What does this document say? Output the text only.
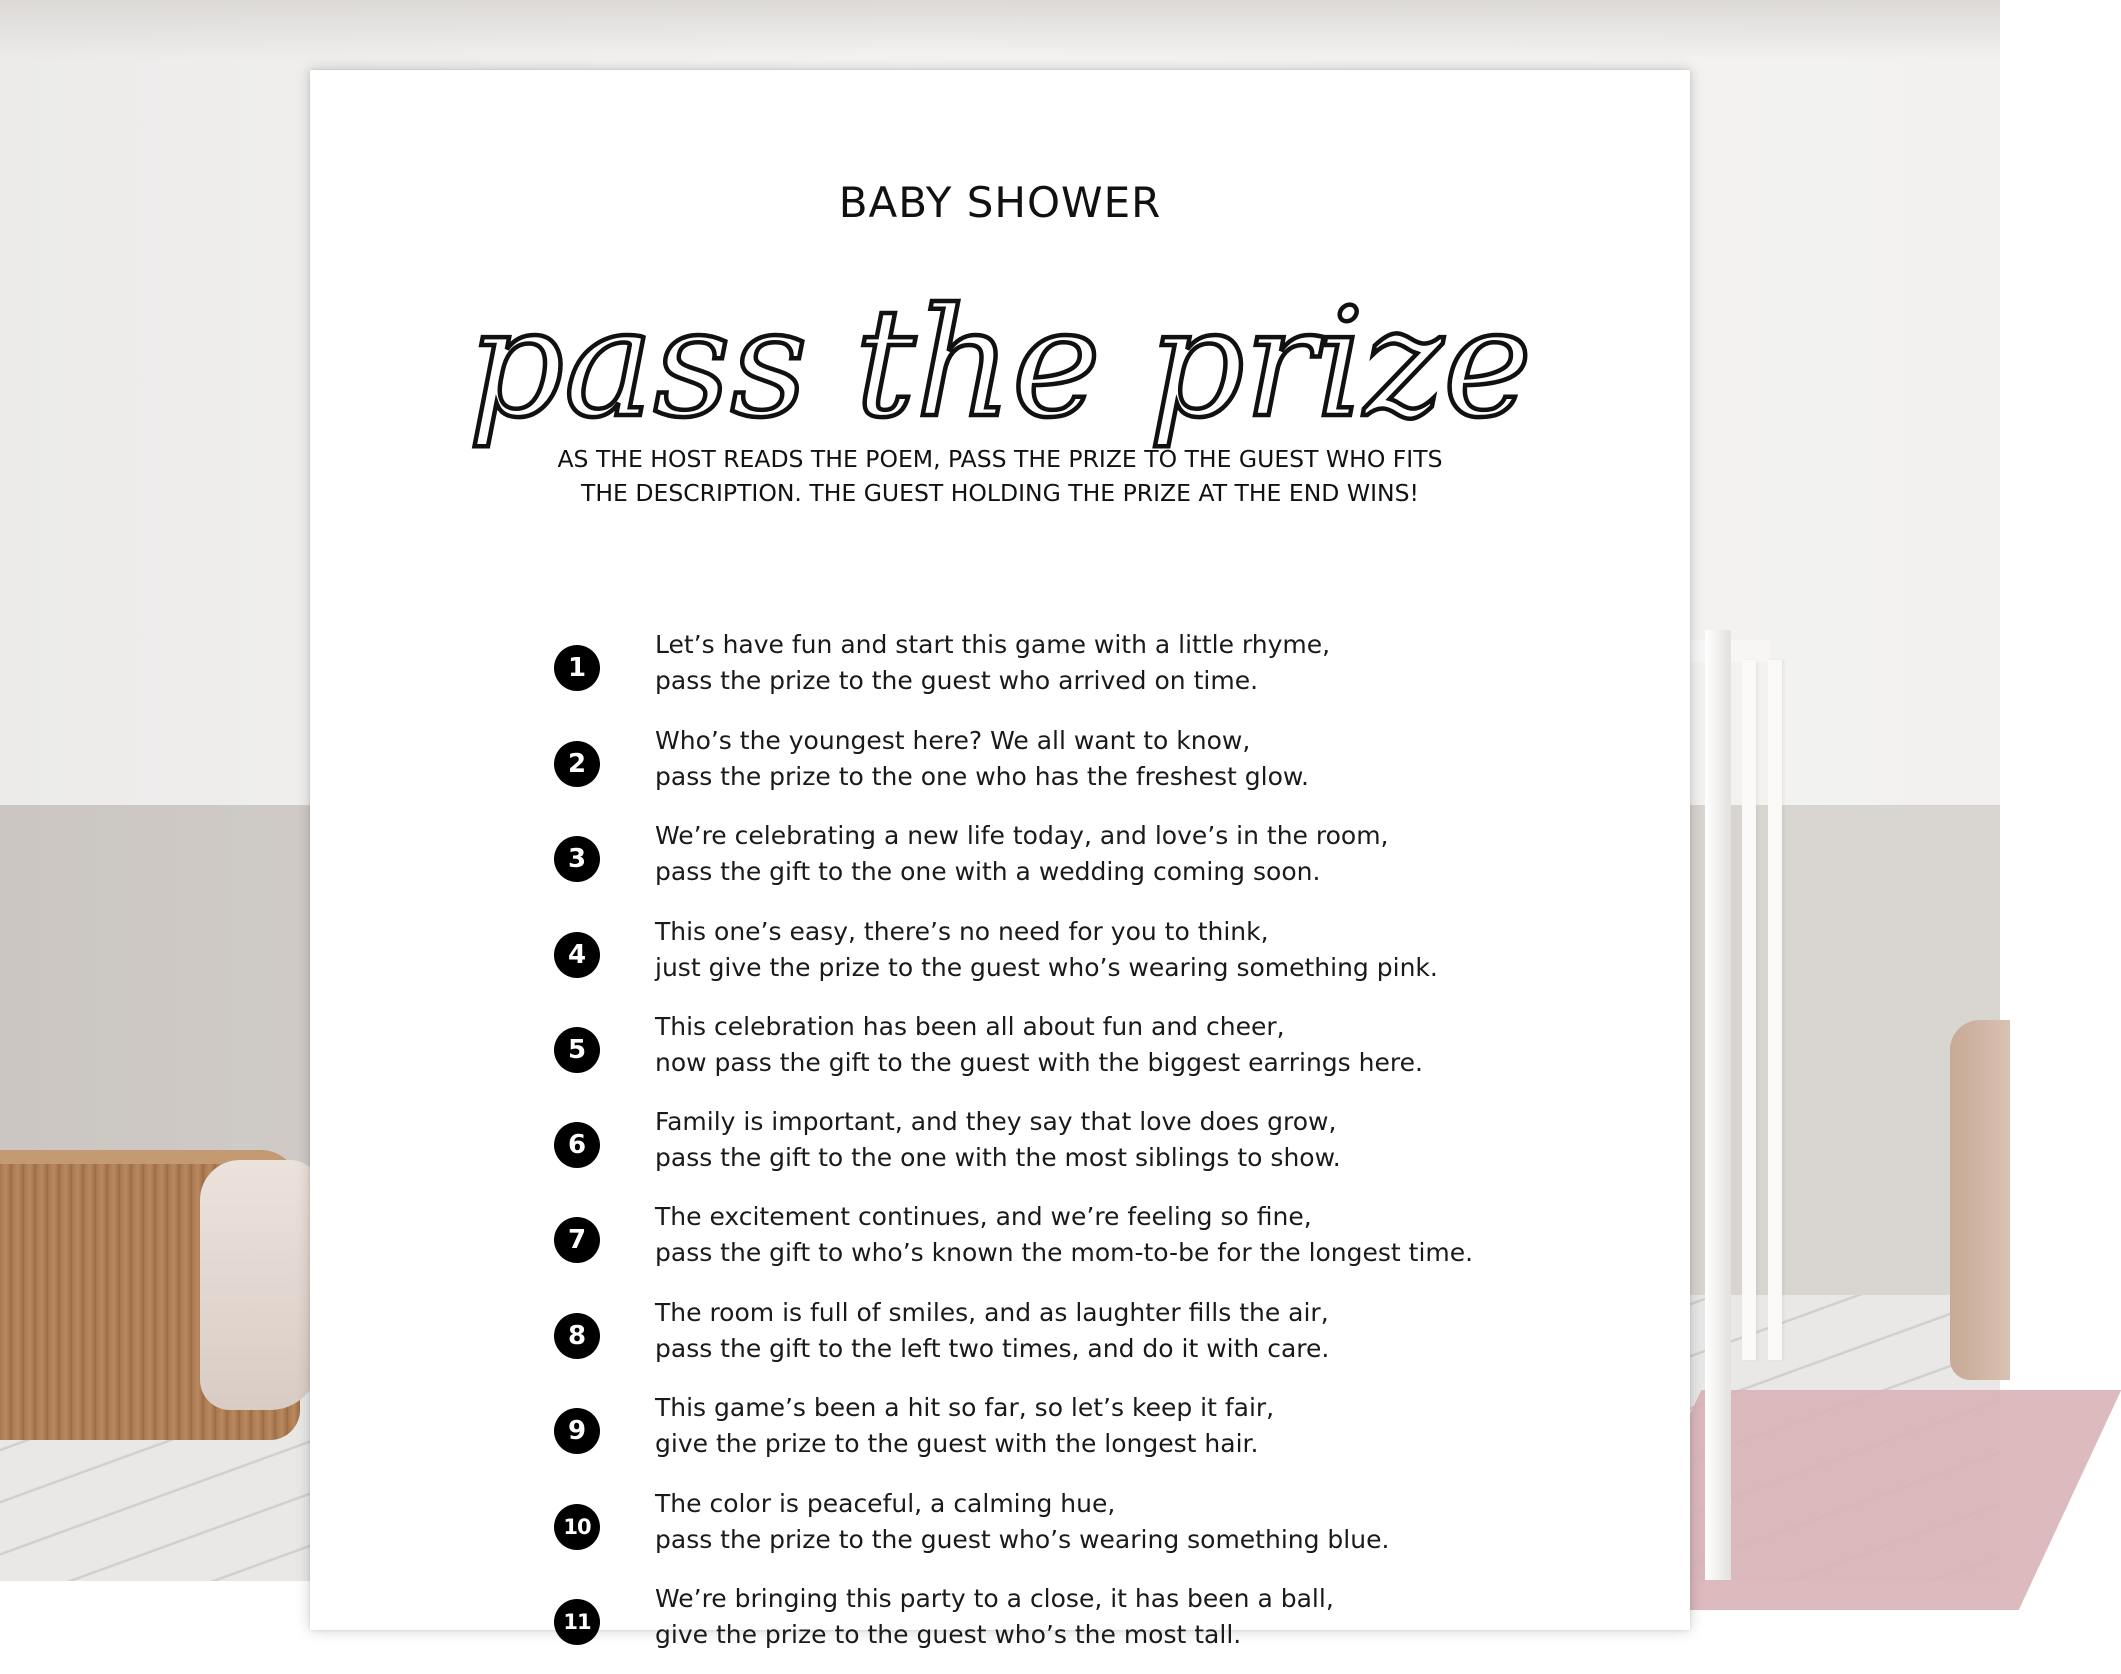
BABY SHOWER
pass the prize
AS THE HOST READS THE POEM, PASS THE PRIZE TO THE GUEST WHO FITS
THE DESCRIPTION. THE GUEST HOLDING THE PRIZE AT THE END WINS!
1
Let’s have fun and start this game with a little rhyme,
pass the prize to the guest who arrived on time.
2
Who’s the youngest here? We all want to know,
pass the prize to the one who has the freshest glow.
3
We’re celebrating a new life today, and love’s in the room,
pass the gift to the one with a wedding coming soon.
4
This one’s easy, there’s no need for you to think,
just give the prize to the guest who’s wearing something pink.
5
This celebration has been all about fun and cheer,
now pass the gift to the guest with the biggest earrings here.
6
Family is important, and they say that love does grow,
pass the gift to the one with the most siblings to show.
7
The excitement continues, and we’re feeling so fine,
pass the gift to who’s known the mom-to-be for the longest time.
8
The room is full of smiles, and as laughter fills the air,
pass the gift to the left two times, and do it with care.
9
This game’s been a hit so far, so let’s keep it fair,
give the prize to the guest with the longest hair.
10
The color is peaceful, a calming hue,
pass the prize to the guest who’s wearing something blue.
11
We’re bringing this party to a close, it has been a ball,
give the prize to the guest who’s the most tall.
